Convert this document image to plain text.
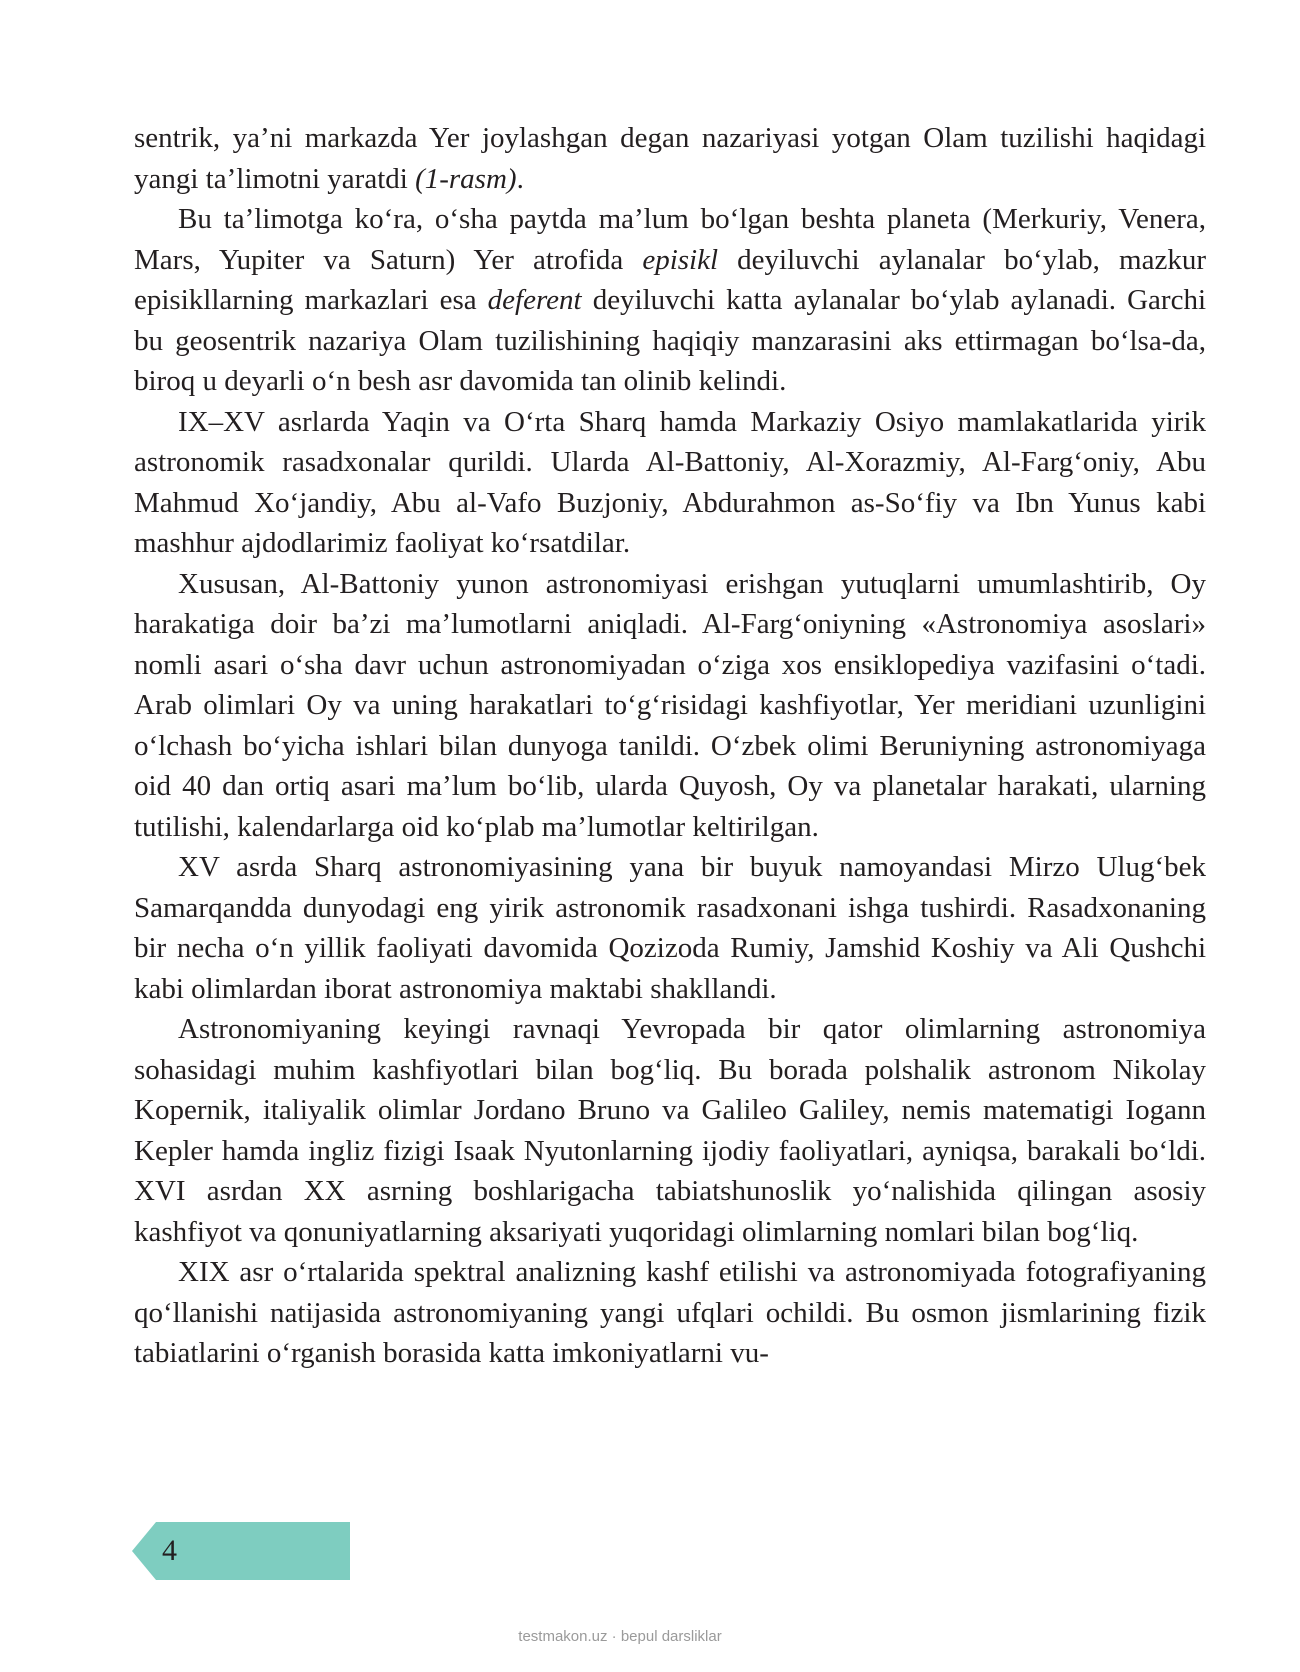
sentrik, ya’ni markazda Yer joylashgan degan nazariyasi yotgan Olam tuzilishi haqidagi yangi ta’limotni yaratdi (1-rasm).

Bu ta’limotga ko‘ra, o‘sha paytda ma’lum bo‘lgan beshta planeta (Merkuriy, Venera, Mars, Yupiter va Saturn) Yer atrofida episikl deyiluvchi aylanalar bo‘ylab, mazkur episikllarning markazlari esa deferent deyiluvchi katta aylanalar bo‘ylab aylanadi. Garchi bu geosentrik nazariya Olam tuzilishining haqiqiy manzarasini aks ettirmagan bo‘lsa-da, biroq u deyarli o‘n besh asr davomida tan olinib kelindi.

IX–XV asrlarda Yaqin va O‘rta Sharq hamda Markaziy Osiyo mamlakatlarida yirik astronomik rasadxonalar qurildi. Ularda Al-Battoniy, Al-Xorazmiy, Al-Farg‘oniy, Abu Mahmud Xo‘jandiy, Abu al-Vafo Buzjoniy, Abdurahmon as-So‘fiy va Ibn Yunus kabi mashhur ajdodlarimiz faoliyat ko‘rsatdilar.

Xususan, Al-Battoniy yunon astronomiyasi erishgan yutuqlarni umumlashtirib, Oy harakatiga doir ba’zi ma’lumotlarni aniqladi. Al-Farg‘oniyning «Astronomiya asoslari» nomli asari o‘sha davr uchun astronomiyadan o‘ziga xos ensiklopediya vazifasini o‘tadi. Arab olimlari Oy va uning harakatlari to‘g‘risidagi kashfiyotlar, Yer meridiani uzunligini o‘lchash bo‘yicha ishlari bilan dunyoga tanildi. O‘zbek olimi Beruniyning astronomiyaga oid 40 dan ortiq asari ma’lum bo‘lib, ularda Quyosh, Oy va planetalar harakati, ularning tutilishi, kalendarlarga oid ko‘plab ma’lumotlar keltirilgan.

XV asrda Sharq astronomiyasining yana bir buyuk namoyandasi Mirzo Ulug‘bek Samarqandda dunyodagi eng yirik astronomik rasadxonani ishga tushirdi. Rasadxonaning bir necha o‘n yillik faoliyati davomida Qozizoda Rumiy, Jamshid Koshiy va Ali Qushchi kabi olimlardan iborat astronomiya maktabi shakllandi.

Astronomiyaning keyingi ravnaqi Yevropada bir qator olimlarning astronomiya sohasidagi muhim kashfiyotlari bilan bog‘liq. Bu borada polshalik astronom Nikolay Kopernik, italiyalik olimlar Jordano Bruno va Galileo Galiley, nemis matematigi Iogann Kepler hamda ingliz fizigi Isaak Nyutonlarning ijodiy faoliyatlari, ayniqsa, barakali bo‘ldi. XVI asrdan XX asrning boshlarigacha tabiatshunoslik yo‘nalishida qilingan asosiy kashfiyot va qonuniyatlarning aksariyati yuqoridagi olimlarning nomlari bilan bog‘liq.

XIX asr o‘rtalarida spektral analizning kashf etilishi va astronomiyada fotografiyaning qo‘llanishi natijasida astronomiyaning yangi ufqlari ochildi. Bu osmon jismlarining fizik tabiatlarini o‘rganish borasida katta imkoniyatlarni vu-

4
testmakon.uz · bepul darsliklar
